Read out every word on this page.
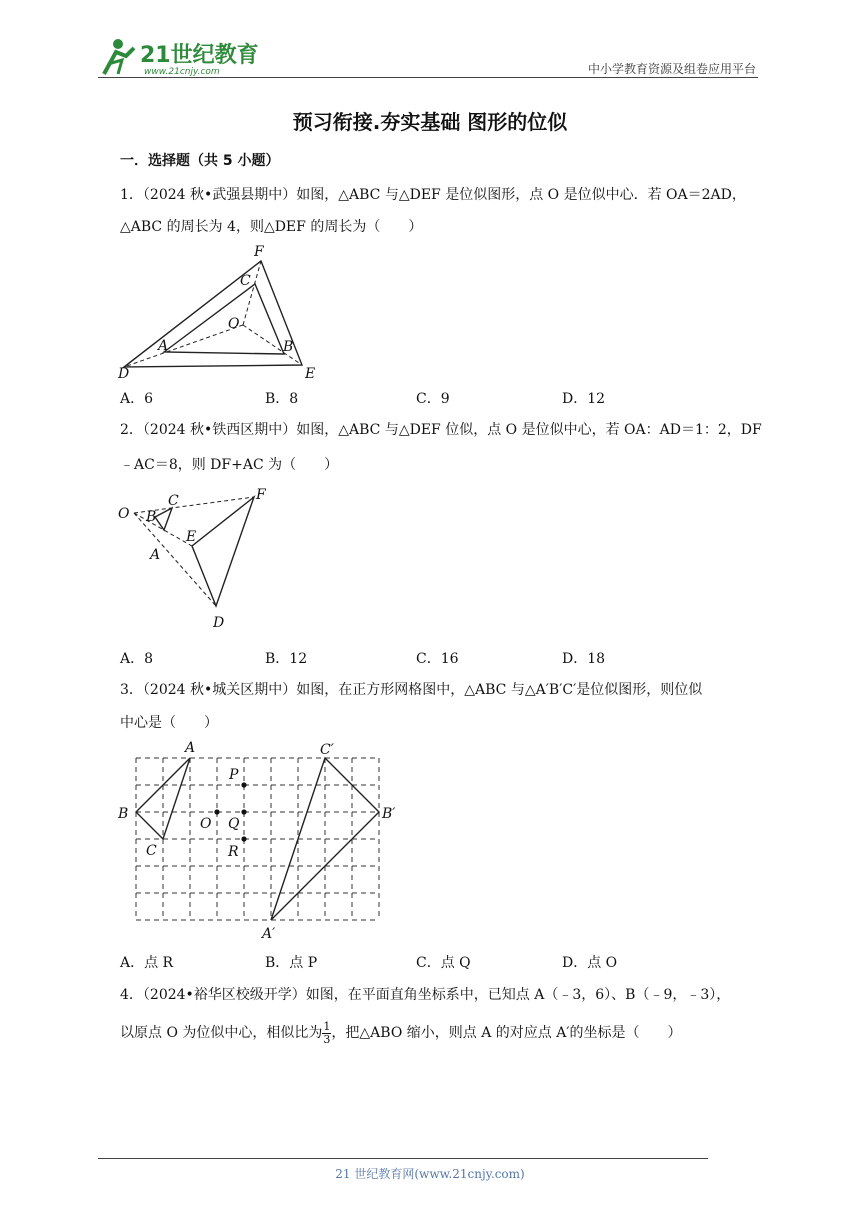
21世纪教育
www.21cnjy.com	中小学教育资源及组卷应用平台
预习衔接.夯实基础 图形的位似
一．选择题（共 5 小题）
1．（2024 秋•武强县期中）如图，△ABC 与△DEF 是位似图形，点 O 是位似中心．若 OA＝2AD，
△ABC 的周长为 4，则△DEF 的周长为（　　）
F
C
O
A	B
D	E
A．6	B．8	C．9	D．12
2．（2024 秋•铁西区期中）如图，△ABC 与△DEF 位似，点 O 是位似中心，若 OA：AD＝1：2，DF
﹣AC＝8，则 DF+AC 为（　　）
O B
C
A
E
F
D
A．8	B．12	C．16	D．18
3．（2024 秋•城关区期中）如图，在正方形网格图中，△ABC 与△A′B′C′是位似图形，则位似
中心是（　　）
A
B
C
P
O Q
R
C′
B′
A′
A．点 R	B．点 P	C．点 Q	D．点 O
4．（2024•裕华区校级开学）如图，在平面直角坐标系中，已知点 A（﹣3，6）、B（﹣9，﹣3），
以原点 O 为位似中心，相似比为 $\frac{1}{3}$ ，把△ABO 缩小，则点 A 的对应点 A′的坐标是（　　）
21 世纪教育网(www.21cnjy.com)
